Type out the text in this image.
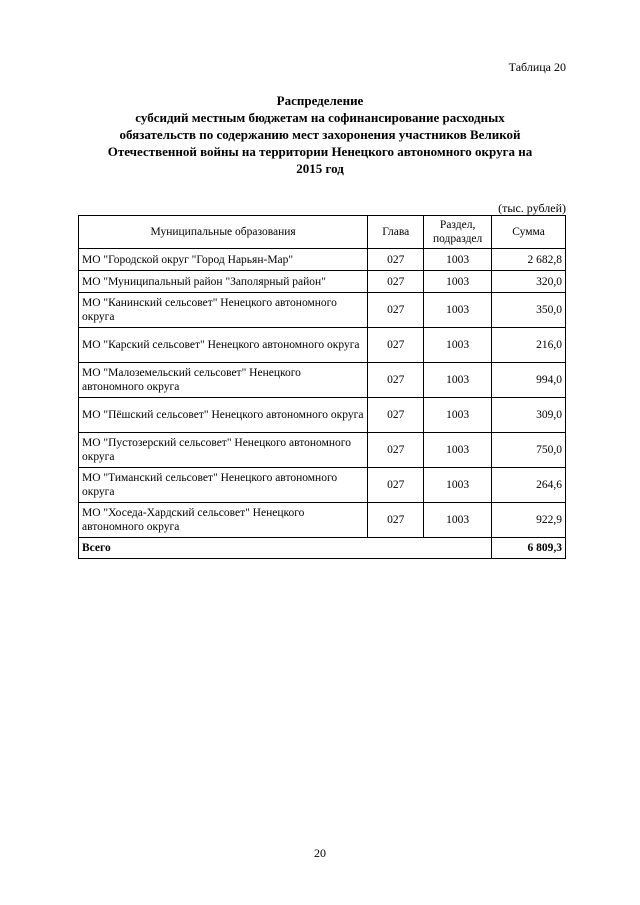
Таблица 20
Распределение
субсидий местным бюджетам на софинансирование расходных
обязательств по содержанию мест захоронения участников Великой
Отечественной войны на территории Ненецкого автономного округа на
2015 год
(тыс. рублей)
Муниципальные образования	Глава	Раздел, подраздел	Сумма
МО "Городской округ "Город Нарьян-Мар"	027	1003	2 682,8
МО "Муниципальный район "Заполярный район"	027	1003	320,0
МО "Канинский сельсовет" Ненецкого автономного округа	027	1003	350,0
МО "Карский сельсовет" Ненецкого автономного округа	027	1003	216,0
МО "Малоземельский сельсовет" Ненецкого автономного округа	027	1003	994,0
МО "Пёшский сельсовет" Ненецкого автономного округа	027	1003	309,0
МО "Пустозерский сельсовет" Ненецкого автономного округа	027	1003	750,0
МО "Тиманский сельсовет" Ненецкого автономного округа	027	1003	264,6
МО "Хоседа-Хардский сельсовет" Ненецкого автономного округа	027	1003	922,9
Всего			6 809,3
20
